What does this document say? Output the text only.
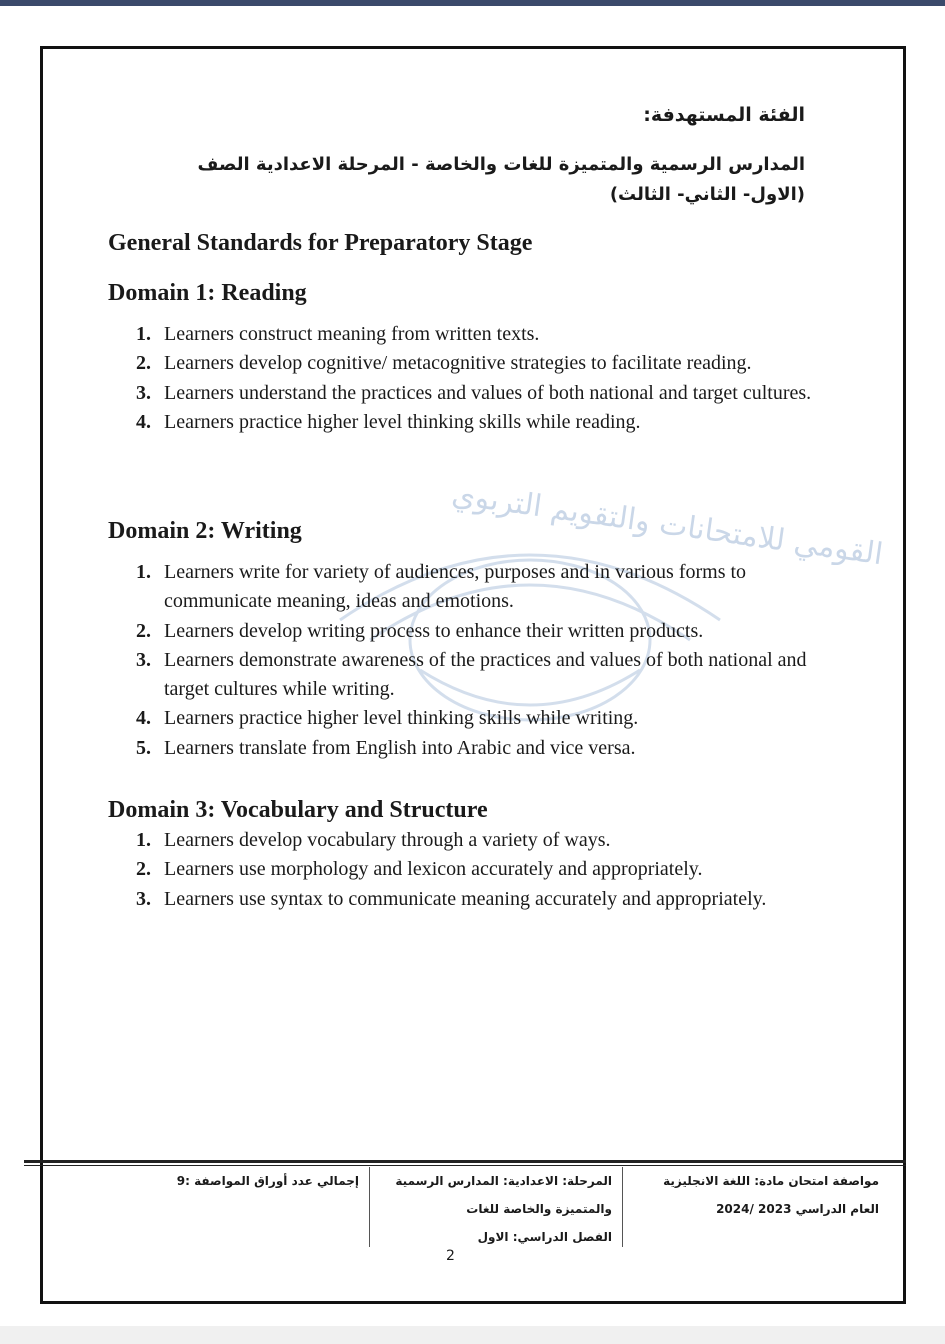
القومي للامتحانات والتقويم التربوي
الفئة المستهدفة:
المدارس الرسمية والمتميزة للغات والخاصة - المرحلة الاعدادية الصف (الاول- الثاني- الثالث)
General Standards for Preparatory Stage
Domain 1: Reading
1. Learners construct meaning from written texts.
2. Learners develop cognitive/ metacognitive strategies to facilitate reading.
3. Learners understand the practices and values of both national and target cultures.
4. Learners practice higher level thinking skills while reading.
Domain 2: Writing
1. Learners write for variety of audiences, purposes and in various forms to communicate meaning, ideas and emotions.
2. Learners develop writing process to enhance their written products.
3. Learners demonstrate awareness of the practices and values of both national and target cultures while writing.
4. Learners practice higher level thinking skills while writing.
5. Learners translate from English into Arabic and vice versa.
Domain 3: Vocabulary and Structure
1. Learners develop vocabulary through a variety of ways.
2. Learners use morphology and lexicon accurately and appropriately.
3. Learners use syntax to communicate meaning accurately and appropriately.
مواصفة امتحان مادة: اللغة الانجليزية
العام الدراسي 2023 /2024
المرحلة: الاعدادية: المدارس الرسمية
والمتميزة والخاصة للغات
الفصل الدراسي: الاول
إجمالي عدد أوراق المواصفة :9
2
